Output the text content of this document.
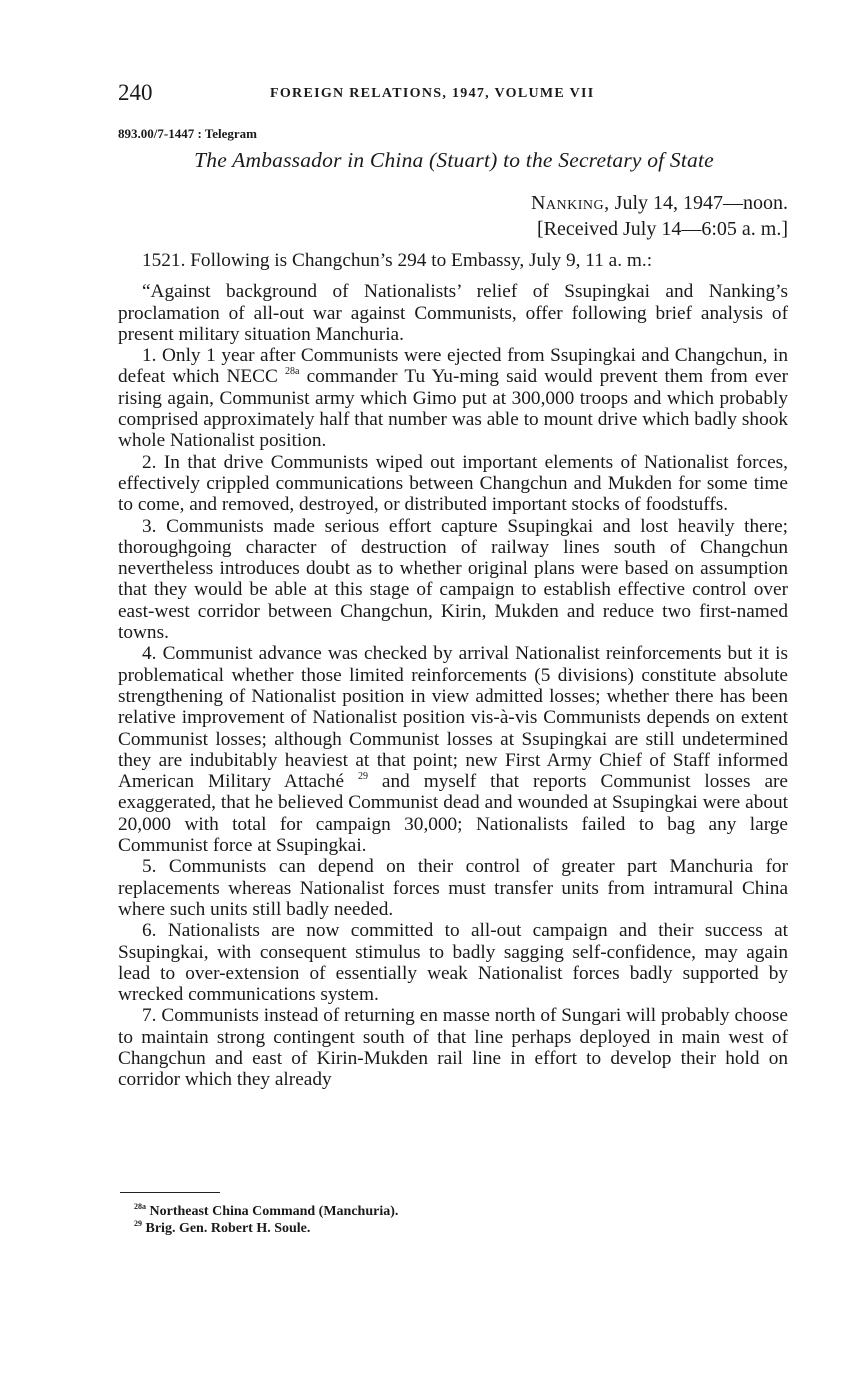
240	FOREIGN RELATIONS, 1947, VOLUME VII
893.00/7-1447 : Telegram
The Ambassador in China (Stuart) to the Secretary of State
Nanking, July 14, 1947—noon.
[Received July 14—6:05 a. m.]

1521. Following is Changchun’s 294 to Embassy, July 9, 11 a. m.:

“Against background of Nationalists’ relief of Ssupingkai and Nanking’s proclamation of all-out war against Communists, offer following brief analysis of present military situation Manchuria.

1. Only 1 year after Communists were ejected from Ssupingkai and Changchun, in defeat which NECC $^{28a}$ commander Tu Yu-ming said would prevent them from ever rising again, Communist army which Gimo put at 300,000 troops and which probably comprised approximately half that number was able to mount drive which badly shook whole Nationalist position.

2. In that drive Communists wiped out important elements of Nationalist forces, effectively crippled communications between Changchun and Mukden for some time to come, and removed, destroyed, or distributed important stocks of foodstuffs.

3. Communists made serious effort capture Ssupingkai and lost heavily there; thoroughgoing character of destruction of railway lines south of Changchun nevertheless introduces doubt as to whether original plans were based on assumption that they would be able at this stage of campaign to establish effective control over east-west corridor between Changchun, Kirin, Mukden and reduce two first-named towns.

4. Communist advance was checked by arrival Nationalist reinforcements but it is problematical whether those limited reinforcements (5 divisions) constitute absolute strengthening of Nationalist position in view admitted losses; whether there has been relative improvement of Nationalist position vis-à-vis Communists depends on extent Communist losses; although Communist losses at Ssupingkai are still undetermined they are indubitably heaviest at that point; new First Army Chief of Staff informed American Military Attaché $^{29}$ and myself that reports Communist losses are exaggerated, that he believed Communist dead and wounded at Ssupingkai were about 20,000 with total for campaign 30,000; Nationalists failed to bag any large Communist force at Ssupingkai.

5. Communists can depend on their control of greater part Manchuria for replacements whereas Nationalist forces must transfer units from intramural China where such units still badly needed.

6. Nationalists are now committed to all-out campaign and their success at Ssupingkai, with consequent stimulus to badly sagging self-confidence, may again lead to over-extension of essentially weak Nationalist forces badly supported by wrecked communications system.

7. Communists instead of returning en masse north of Sungari will probably choose to maintain strong contingent south of that line perhaps deployed in main west of Changchun and east of Kirin-Mukden rail line in effort to develop their hold on corridor which they already

$^{28a}$ Northeast China Command (Manchuria).
$^{29}$ Brig. Gen. Robert H. Soule.
